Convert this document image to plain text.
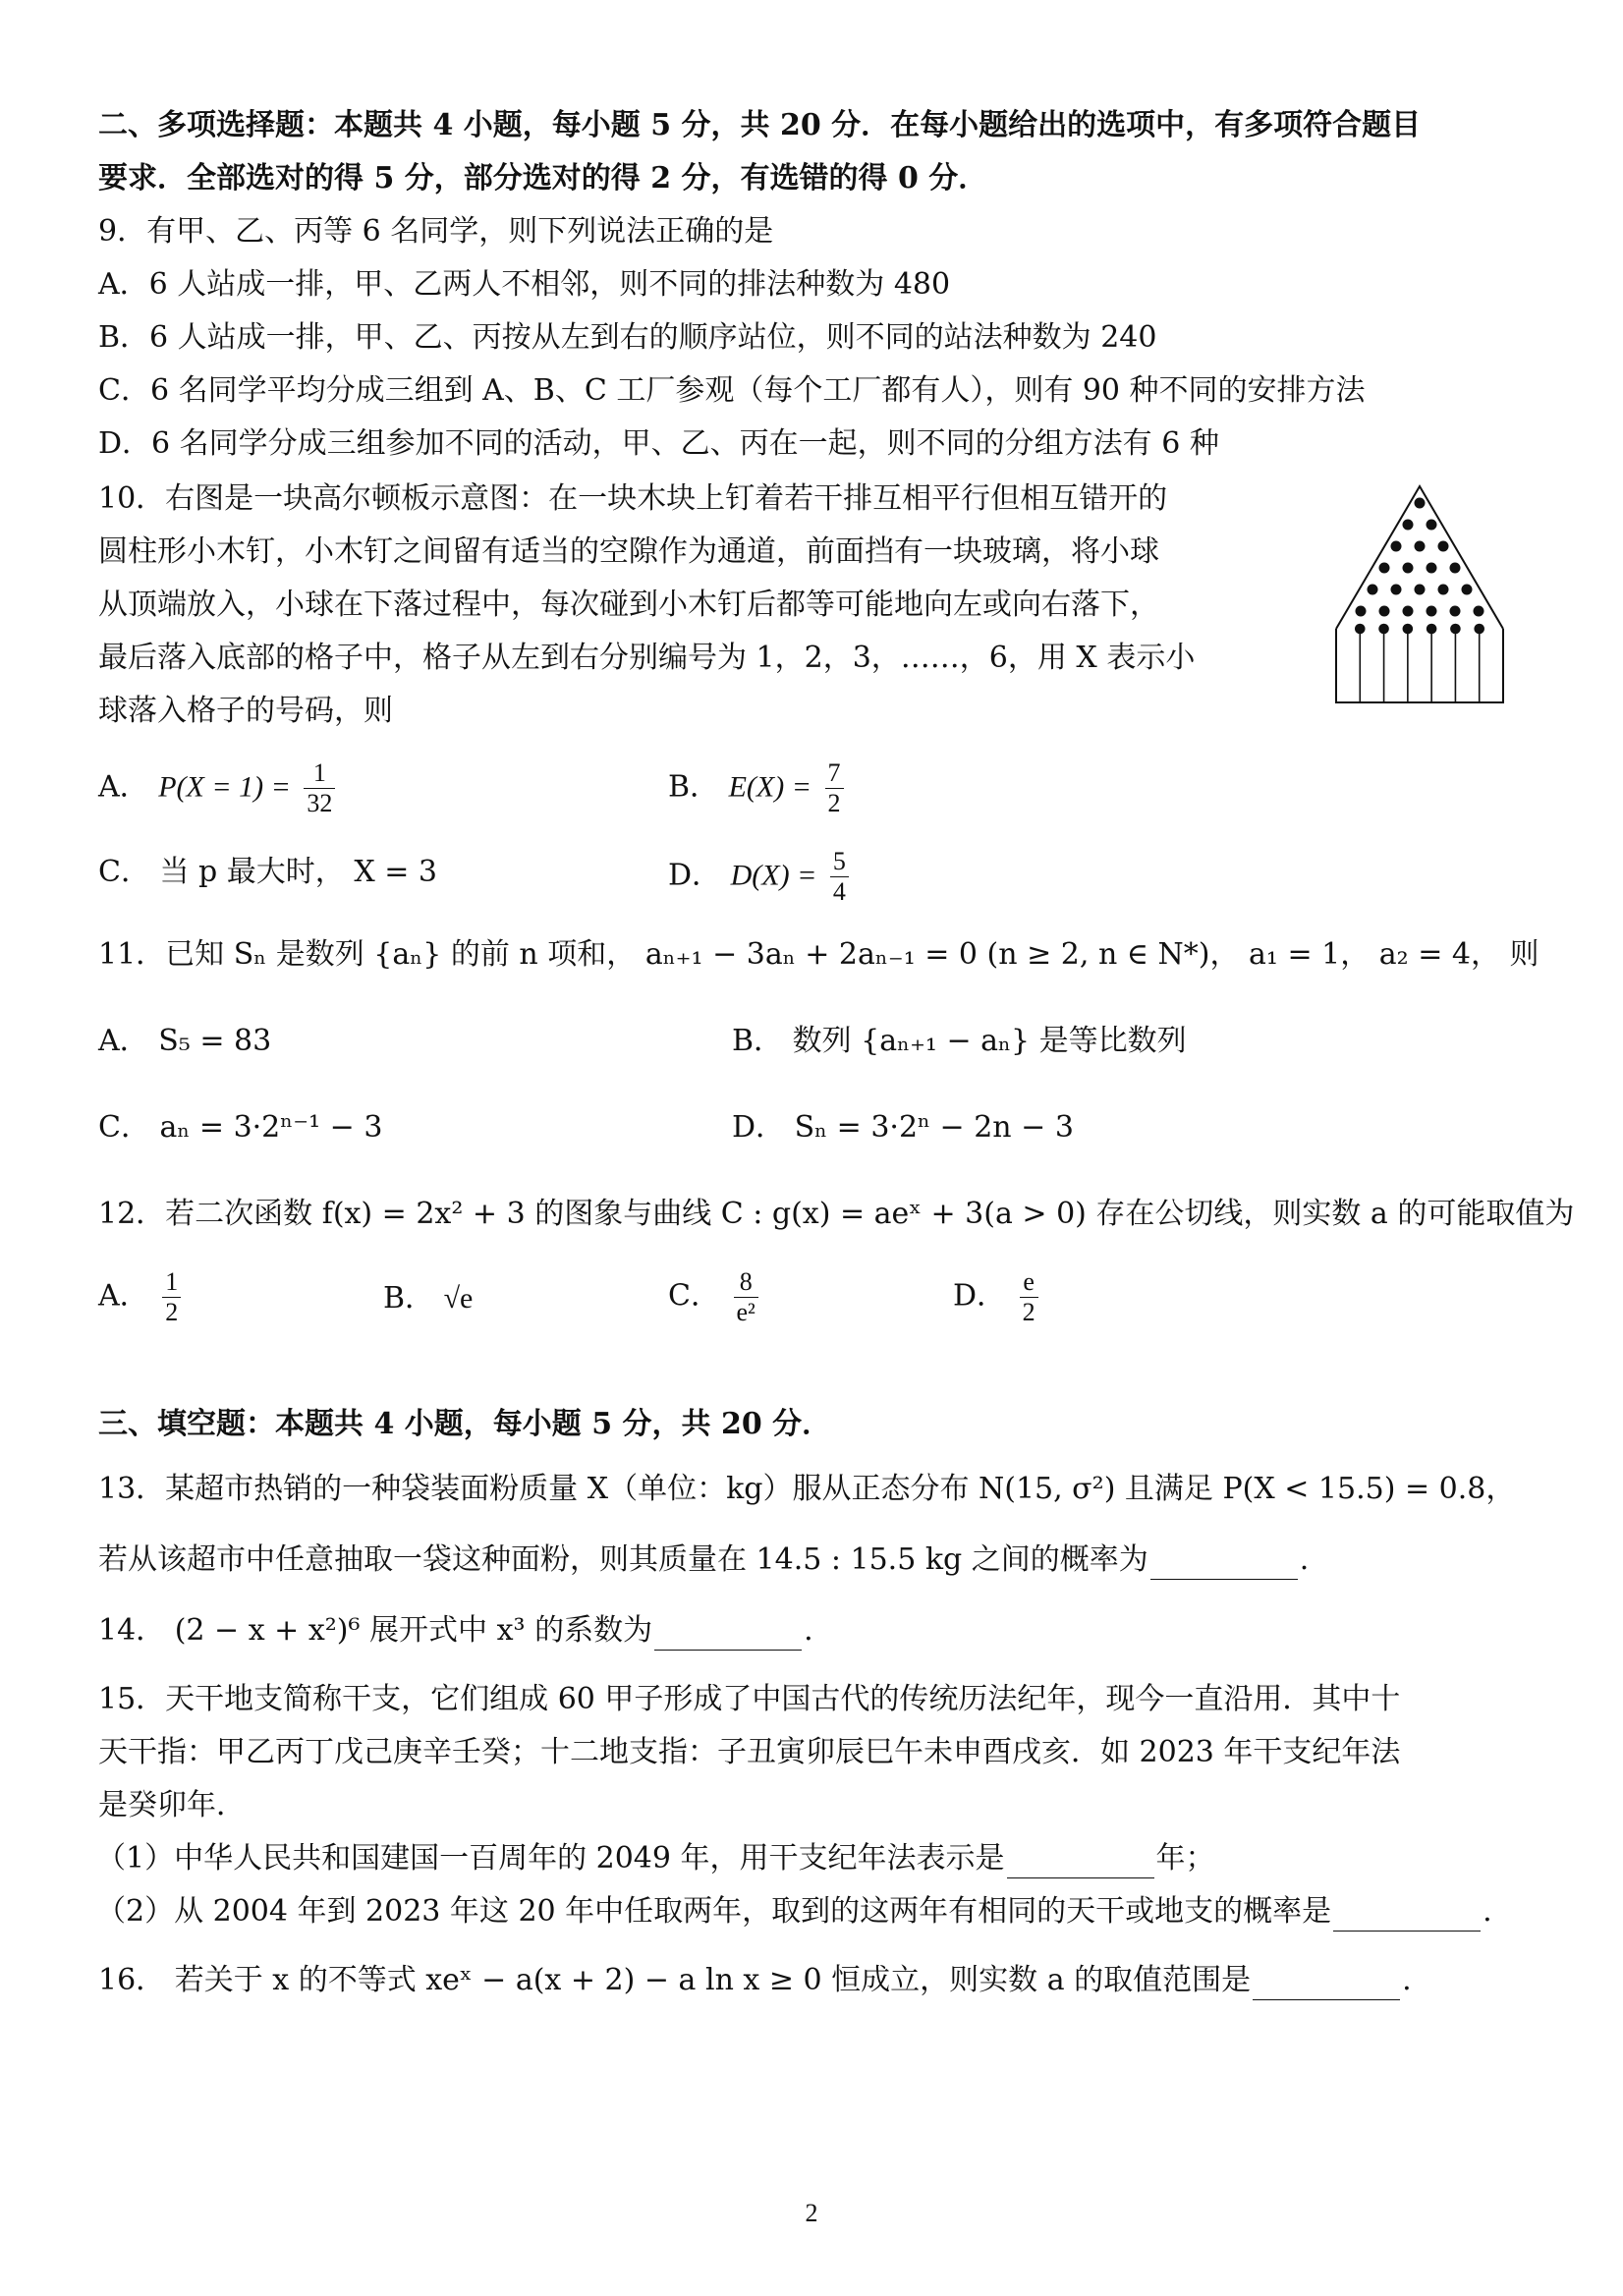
二、多项选择题：本题共 4 小题，每小题 5 分，共 20 分．在每小题给出的选项中，有多项符合题目
要求．全部选对的得 5 分，部分选对的得 2 分，有选错的得 0 分．
9．有甲、乙、丙等 6 名同学，则下列说法正确的是
A．6 人站成一排，甲、乙两人不相邻，则不同的排法种数为 480
B．6 人站成一排，甲、乙、丙按从左到右的顺序站位，则不同的站法种数为 240
C．6 名同学平均分成三组到 A、B、C 工厂参观（每个工厂都有人），则有 90 种不同的安排方法
D．6 名同学分成三组参加不同的活动，甲、乙、丙在一起，则不同的分组方法有 6 种
10．右图是一块高尔顿板示意图：在一块木块上钉着若干排互相平行但相互错开的
圆柱形小木钉，小木钉之间留有适当的空隙作为通道，前面挡有一块玻璃，将小球
从顶端放入，小球在下落过程中，每次碰到小木钉后都等可能地向左或向右落下，
最后落入底部的格子中，格子从左到右分别编号为 1，2，3，……，6，用 X 表示小
球落入格子的号码，则
A． $P(X = 1) = \frac{1}{32}$	B． $E(X) = \frac{7}{2}$
C． 当 p 最大时， X = 3	D． $D(X) = \frac{5}{4}$
11．已知 Sₙ 是数列 {aₙ} 的前 n 项和， aₙ₊₁ − 3aₙ + 2aₙ₋₁ = 0 (n ≥ 2, n ∈ N*)， a₁ = 1， a₂ = 4， 则
A． S₅ = 83	B． 数列 {aₙ₊₁ − aₙ} 是等比数列
C． aₙ = 3·2ⁿ⁻¹ − 3	D． Sₙ = 3·2ⁿ − 2n − 3
12．若二次函数 f(x) = 2x² + 3 的图象与曲线 C : g(x) = aeˣ + 3(a > 0) 存在公切线，则实数 a 的可能取值为
A． $\frac{1}{2}$	B． √e	C． $\frac{8}{\text{e²}}$	D． $\frac{e}{2}$
三、填空题：本题共 4 小题，每小题 5 分，共 20 分．
13．某超市热销的一种袋装面粉质量 X（单位：kg）服从正态分布 N(15, σ²) 且满足 P(X < 15.5) = 0.8，
若从该超市中任意抽取一袋这种面粉，则其质量在 14.5 : 15.5 kg 之间的概率为	.
14． (2 − x + x²)⁶ 展开式中 x³ 的系数为	.
15．天干地支简称干支，它们组成 60 甲子形成了中国古代的传统历法纪年，现今一直沿用．其中十
天干指：甲乙丙丁戊己庚辛壬癸；十二地支指：子丑寅卯辰巳午未申酉戌亥．如 2023 年干支纪年法
是癸卯年．
（1）中华人民共和国建国一百周年的 2049 年，用干支纪年法表示是	年；
（2）从 2004 年到 2023 年这 20 年中任取两年，取到的这两年有相同的天干或地支的概率是	.
16． 若关于 x 的不等式 xeˣ − a(x + 2) − a ln x ≥ 0 恒成立，则实数 a 的取值范围是	.
2
